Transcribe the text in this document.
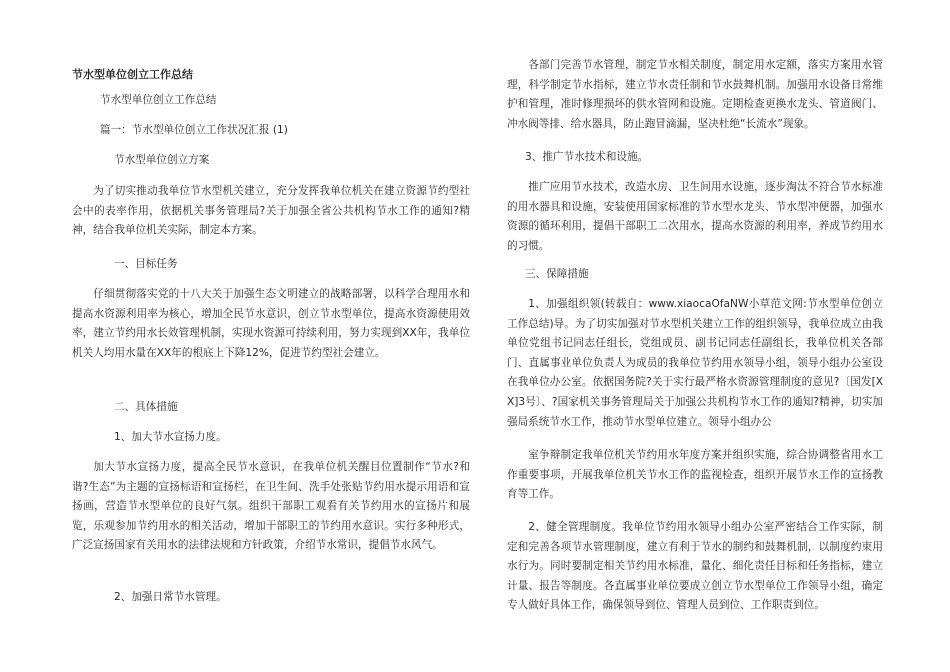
节水型单位创立工作总结

节水型单位创立工作总结

篇一：节水型单位创立工作状况汇报 (1)

节水型单位创立方案

为了切实推动我单位节水型机关建立，充分发挥我单位机关在建立资源节约型社会中的表率作用，依据机关事务管理局?关于加强全省公共机构节水工作的通知?精神，结合我单位机关实际，制定本方案。

一、目标任务

仔细贯彻落实党的十八大关于加强生态文明建立的战略部署，以科学合理用水和提高水资源利用率为核心，增加全民节水意识，创立节水型单位，提高水资源使用效率，建立节约用水长效管理机制，实现水资源可持续利用，努力实现到XX年，我单位机关人均用水量在XX年的根底上下降12%，促进节约型社会建立。

二、具体措施

1、加大节水宣扬力度。

加大节水宣扬力度，提高全民节水意识，在我单位机关醒目位置制作“节水?和谐?生态”为主题的宣扬标语和宣扬栏，在卫生间、洗手处张贴节约用水提示用语和宣扬画，营造节水型单位的良好气氛。组织干部职工观看有关节约用水的宣扬片和展览，乐观参加节约用水的相关活动，增加干部职工的节约用水意识。实行多种形式，广泛宣扬国家有关用水的法律法规和方针政策，介绍节水常识，提倡节水风气。

2、加强日常节水管理。

各部门完善节水管理，制定节水相关制度，制定用水定额，落实方案用水管理，科学制定节水指标，建立节水责任制和节水鼓舞机制。加强用水设备日常维护和管理，准时修理损坏的供水管网和设施。定期检查更换水龙头、管道阀门、冲水阀等排、给水器具，防止跑冒滴漏，坚决杜绝“长流水”现象。

3、推广节水技术和设施。

推广应用节水技术，改造水房、卫生间用水设施，逐步淘汰不符合节水标准的用水器具和设施，安装使用国家标准的节水型水龙头、节水型冲便器，加强水资源的循环利用，提倡干部职工二次用水，提高水资源的利用率，养成节约用水的习惯。

三、保障措施

1、加强组织领(转载自：www.xiaocaOfaNW小草范文网:节水型单位创立工作总结)导。为了切实加强对节水型机关建立工作的组织领导，我单位成立由我单位党组书记同志任组长，党组成员、副书记同志任副组长，我单位机关各部门、直属事业单位负责人为成员的我单位节约用水领导小组，领导小组办公室设在我单位办公室。依据国务院?关于实行最严格水资源管理制度的意见?〔国发[XX]3号〕、?国家机关事务管理局关于加强公共机构节水工作的通知?精神，切实加强局系统节水工作，推动节水型单位建立。领导小组办公

室争辩制定我单位机关节约用水年度方案并组织实施，综合协调整省用水工作重要事项，开展我单位机关节水工作的监视检查，组织开展节水工作的宣扬教育等工作。

2、健全管理制度。我单位节约用水领导小组办公室严密结合工作实际，制定和完善各项节水管理制度，建立有利于节水的制约和鼓舞机制，以制度约束用水行为。同时要制定相关节约用水标准，量化、细化责任目标和任务指标，建立计量、报告等制度。各直属事业单位要成立创立节水型单位工作领导小组，确定专人做好具体工作，确保领导到位、管理人员到位、工作职责到位。
